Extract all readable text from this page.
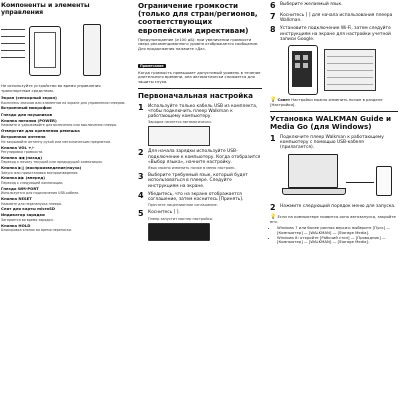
Компоненты и элементы управления
Не используйте устройство во время управления транспортным средством.
Экран (сенсорный экран)
Коснитесь значков или элементов на экране для управления плеером.
Встроенный микрофон
Гнездо для наушников
Кнопка питания (POWER)
Нажмите и удерживайте для включения или выключения плеера.
Отверстие для крепления ремешка
Встроенная антенна
Не закрывайте антенну рукой или металлическим предметом.
Кнопка VOL +/-
Регулировка громкости.
Кнопка ◀◀ (назад)
Переход к началу текущей или предыдущей композиции.
Кнопка ▶|| (воспроизведение/пауза)
Запуск или приостановка воспроизведения.
Кнопка ▶▶ (вперед)
Переход к следующей композиции.
Гнездо WM-PORT
Используется для подключения USB-кабеля.
Кнопка RESET
Нажмите для перезапуска плеера.
Слот для карты microSD
Индикатор зарядки
Загорается во время зарядки.
Кнопка HOLD
Блокировка кнопок во время переноски.
Ограничение громкости (только для стран/регионов, соответствующих европейским директивам)
Предупреждение (≥100 дБ): при увеличении громкости сверх рекомендованного уровня отображается сообщение. Для продолжения нажмите «Да».
Примечание
Когда громкость превышает допустимый уровень в течение длительного времени, она автоматически снижается для защиты слуха.
Первоначальная настройка
1	Используйте только кабель USB из комплекта, чтобы подключить плеер Walkman к работающему компьютеру.
Зарядка начнется автоматически.
2	Для начала зарядки используйте USB-подключение к компьютеру. Когда отобразится «Выбор языка», начните настройку.
Язык можно изменить позже в меню настроек.
3	Выберите требуемый язык, который будет использоваться в плеере. Следуйте инструкциям на экране.
4	Убедитесь, что на экране отображается соглашение, затем коснитесь [Принять].
Прочтите лицензионное соглашение.
5	Коснитесь [ ].
Плеер запустит мастер настройки.
6	Выберите желаемый язык.
7	Коснитесь [ ] для начала использования плеера Walkman.
8	Установите подключение Wi-Fi, затем следуйте инструкциям на экране для настройки учетной записи Google.
💡 Совет Настройки можно изменить позже в разделе [Настройки].
Установка WALKMAN Guide и Media Go (для Windows)
1	Подключите плеер Walkman к работающему компьютеру с помощью USB-кабеля (прилагается).
2	Нажмите следующий порядок меню для запуска.
💡 Если на компьютере появится окно автозапуска, закройте его.
• Windows 7 или более ранняя версия: выберите [Пуск] — [Компьютер] — [WALKMAN] — [Storage Media].
• Windows 8: откройте [Рабочий стол] — [Проводник] — [Компьютер] — [WALKMAN] — [Storage Media].
